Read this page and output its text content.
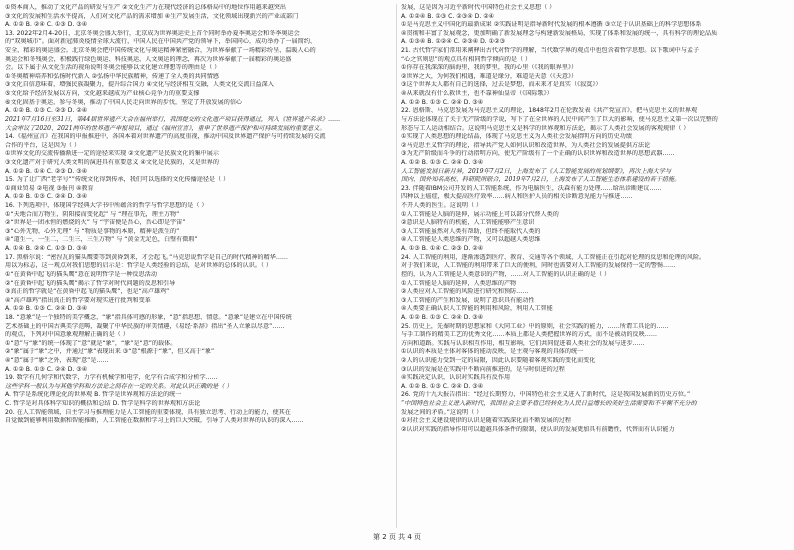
①资本商人，推动了文化产品的研发与生产 ②文化生产力在现代经济的总体格局中的地位作用越来越突出
③文化的发展和生活水平提高，人们对文化产品的需求增加 ④生产发展生活，文化领域出现新兴的产业或部门
A. ①② B. ②④ C. ①③ D. ③④
13. 2022年2月4-20日，北京冬奥会盛大举行，北京成为世界奥运史上首个同时举办夏季奥运会和冬季奥运会
的“双奥城市”。面对新冠肺炎疫情全球大流行，中国人民在中国共产党的领导下，举国同心，成功举办了一届简约、
安全、精彩的奥运盛会。北京冬奥会把中国传统文化与奥运精神紧密融合，为世界奉献了一场精彩纷呈、温暖人心的
奥运会和冬残奥会，积极践行绿色奥运、科技奥运、人文奥运的理念，再次为世界奉献了一届精彩的奥运盛
会。以下属于从文化生活的视角说明冬奥会能够以文化建立理想等的理由是（ ）
①冬奥精神培养和弘扬时代新人 ②弘扬中华民族精神，传递了全人类的共同情感
③文化自信意味着，增强民族凝聚力，提升综合国力 ④文化与经济相互交融，人类文化交流日益深入
⑤文化给予经济发展以方向，文化越来越成为产业核心竞争力的重要支撑
⑥文化固基于奥运，参与冬奥，推动了中国人民走向世界的步伐，坚定了开放发展的信心
A. ①② B. ①③ C. ②③ D. ②④
2021年7月16日至31日，第44届世界遗产大会在福州举行，我国提交的文化遗产项目获得通过，列入《世界遗产名录》……
大会审议了2020、2021两年的世界遗产申报项目，通过《福州宣言》，重申了世界遗产保护和可持续发展的重要意义。
14.《福州宣言》在我国的申报推进中，各国本着对世界遗产的高度重视，推动中国及世界遗产保护与可持续发展的交流
合作的平台，这是因为（ ）
①世界文化的交流传播渐进一定的途径来实现 ②文化遗产是民族文化的集中展示
③文化遗产对于研究人类文明的演进具有重要意义 ④文化是民族的，又是世界的
A. ①② B. ①④ C. ②③ D. ③④
15. 为了让广西“老字号””传统文化得到传承，我们可以选择的文化传播途径是（ ）
①商业贸易 ②电视 ③报刊 ④教育
A. ①② B. ①③ C. ②④ D. ③④
16. 下列选项中，体现国学经典大学书中所蕴含的哲学与哲学思想的是（ ）
①“天地合而万物生，阴阳接而变化起” 与 “理在事先，理主万物”
②“世界是一团永恒的燃烧的火” 与 “宇宙便是吾心，吾心即是宇宙”
③“心外无物，心外无理” 与 “物质是事物的本原，精神是派生的”
④“道生一，一生二，二生三，三生万物” 与 “黄金无足色，白璧有微瑕”
A. ①④ B. ②④ C. ①③ D. ③④
17. 黑格尔说：“密涅瓦的猫头鹰要等到黄昏到来，才会起飞。”马克思说哲学是自己的时代精神的精华……
用以为标志，这一观点对我们思想的启示是：哲学是人类经验的总结，是对世界的总体的认识。（ ）
①“在黄昏中起飞的猫头鹰”意在说明哲学是一种反思活动
②“在黄昏中起飞的猫头鹰”揭示了哲学对时代问题的反思和引导
③真正的哲学就是“在黄昏中起飞的猫头鹰”，也是“高卢雄鸡”
④“高卢雄鸡”指出真正的哲学要对现实进行批判和变革
A. ①② B. ①③ C. ②④ D. ③④
18. “意象”是一个独特的美学概念，“象”指具体可感的形象，“意”指思想、情意。“意象”是建立在中国传统
艺术基础上的中国古典美学范畴，凝聚了中华民族的审美情趣，《易经·系辞》指出“圣人立象以尽意”……
的观点，下列对中国意象观理解正确的是（ ）
①“意”与“象”的统一体现了“意”就是“象”，“象”是“意”的载体。
②“象”属于“象”之中，并通过“象”表现出来 ③“意”根源于“象”，但又高于“象”
④“意”属于“象”之外，表现“意”是……
A. ①② B. ①③ C. ②④ D. ③④
19. 数学有几何学和代数学，力学有机械学和电学，化学有合成学和分析学……
这些学科一般认为与其他学科和方法论之间存在一定的关系。对此认识正确的是（ ）
A. 哲学是系统化理论化的世界观 B. 哲学是世界观和方法论的统一
C. 哲学是对具体科学知识的概括和总结 D. 哲学是科学的世界观和方法论
20. 在人工智能领域，自主学习与推理能力是人工智能的重要体现，具有独立思考、行动上的能力，使其在
自觉做到能够利用数据和智能推断，人工智能在数据和学习上的巨大突破，引导了人类对世界的认识的深入……
发展，这是因为习近平新时代中国特色社会主义思想（ ）
A. ①②④ B. ①③ C. ②③④ D. ②④
①是马克思主义中国化的最新成果 ②实践证明是指导新时代发展的根本遵循 ③立足于认识基础上的科学思想体系
④贯彻和丰富了发展观念，更加明确了新发展理念与构建新发展格局，实现了体系和发展的统一，具有科学的理论品质
A. ①③④ B. ①②④ C. ②③④ D. ①②③
21. 古代哲学家们常用来阐释出古代对哲学的理解，当代数学界的观点中也包含着哲学思想。以下歌词中与孟子
“心之官则思”的观点具有相同哲学倾向的是（ ）
①你存在我深深的脑海里，我的梦里，我的心里（《我的眼界里》）
②世界之大，为何我们相遇，难道是缘分，难道是天意（《天意》）
③这个世界太人都有自己的选择，过去是梦想，而未来才是真实（《寂寞》）
④从来就没有什么救世主，也不靠神仙皇帝（《国际歌》）
A. ①② B. ①③ C. ②④ D. ③④
22. 恩格斯、马克思发展为马克思主义的理论，1848年2月在伦敦发表《共产党宣言》，把马克思主义的世界观
与方法论体现在了关于无产阶级的学说，写下了在全世界的人民中间产生了巨大的影响，使马克思主义第一次以完整的
形态与工人运动相结合。这说明马克思主义是科学的世界观和方法论，揭示了人类社会发展的客观规律（ ）
①实现了人类思想的理论结晶，体现了马克思主义为人类社会发展指明方向的历史功绩
②马克思主义哲学的理论，指导共产党人如何认识和改造世界，为人类社会的发展提供方法论
③为无产阶级而斗争的行动指明方向，使无产阶级有了一个正确的认识世界和改造世界的思想武器……
A. ①② B. ①③ C. ②④ D. ③④
人工智能发展日新月异，2019年7月2日，上海发布了《人工智能发展的规划纲要》，再次上海大学与
国内、国外知名高校、科研院所联合，2019年7月2日，上海发布了人工智能生态体系建设的若干措施。
23. 伴随着IBM公司开发的人工智能系统，作为电脑医生，沃森有能力处理……给出诊断建议……
四种以上癌症，极大提高医疗效率……病人和医护人员的相关诊断意见能力与推进……
不开人类的医生。这说明（ ）
①人工智能是人脑的延伸，展示功能上可以部分代替人类的
②意识是人脑特有的机能，人工智能能够产生意识
③人工智能虽然对人类有帮助，但终不能取代人类的
④人工智能是人类思维的产物，又可以超越人类思维
A. ①③ B. ①④ C. ②③ D. ②④
24. 人工智能的利用，逐渐渗透到医疗、教育、交通等各个领域，人工智能正在引起对伦理的反思和伦理的风险。
对于我们来说，人工智能的利用带来了巨大的便利，同时也需要对人工智能的发展保持一定的警惕……
控的，认为人工智能是人类意识的产物，……对人工智能的认识正确的是（ ）
①人工智能是人脑的延伸，人类思维的产物
②人类应对人工智能的风险进行研究和预防……
③人工智能的产生和发展，说明了意识具有能动性
④人类要正确认识人工智能的利用和风险，利用人工智能
A. ①② B. ①③ C. ②④ D. ③④
25. 历史上，先秦时期的思想家和《大同工业》中的原则，社会实践的能力，……所谓工具论的……
与手工制作的精美工艺的优秀文化……本质上都是人类把握世界的方式，而不是被动的反映……
方向和道路。实践与认识相互作用，相互影响，它们共同促进着人类社会的发展与进步……
①认识的本质是主体对客体的能动反映，是主观与客观的具体的统一
②人的认识能力受到一定的局限，因此认识要随着客观实践的变化而变化
③认识的发展是在实践中不断向前推进的，是与时俱进的过程
④实践决定认识，认识对实践具有反作用
A. ①② B. ①③ C. ②④ D. ③④
26. 党的十九大报告指出：“经过长期努力，中国特色社会主义进入了新时代，这是我国发展新的历史方位。”
“中国特色社会主义进入新时代，我国社会主要矛盾已经转化为人民日益增长的美好生活需要和不平衡不充分的
发展之间的矛盾。”这说明（ ）
①对社会主义建设规律的认识是随着实践深化而不断发展的过程
②认识对实践的指导作用可以超越具体条件的限制，使认识的发展更加具有前瞻性，代替而有认识能力
第 2 页 共 4 页
